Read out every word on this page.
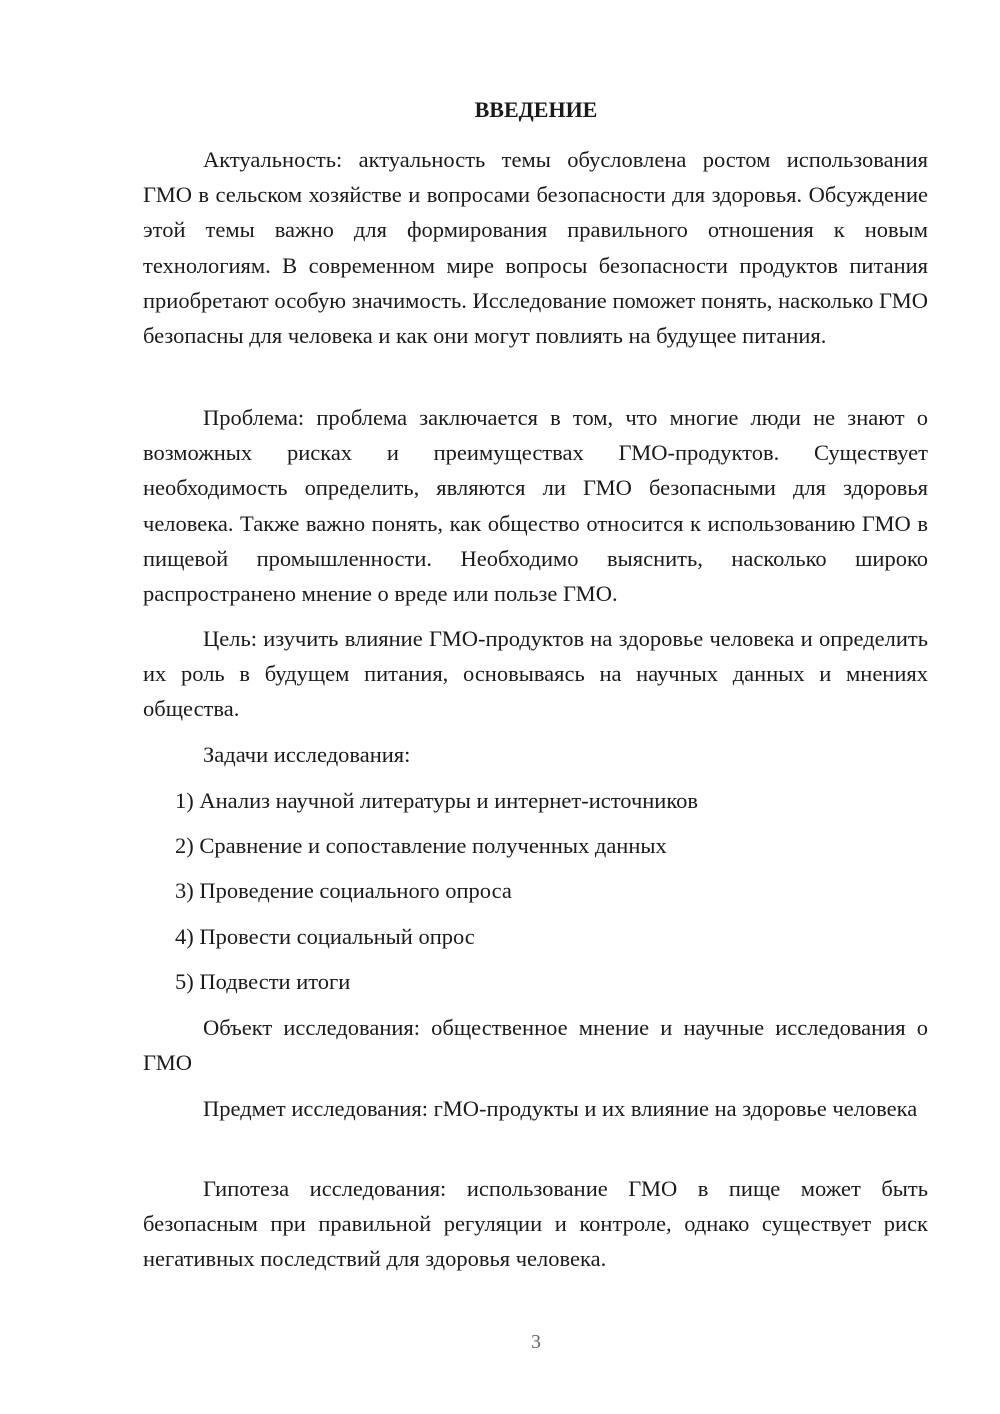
ВВЕДЕНИЕ

Актуальность: актуальность темы обусловлена ростом использования ГМО в сельском хозяйстве и вопросами безопасности для здоровья. Обсуждение этой темы важно для формирования правильного отношения к новым технологиям. В современном мире вопросы безопасности продуктов питания приобретают особую значимость. Исследование поможет понять, насколько ГМО безопасны для человека и как они могут повлиять на будущее питания.

Проблема: проблема заключается в том, что многие люди не знают о возможных рисках и преимуществах ГМО-продуктов. Существует необходимость определить, являются ли ГМО безопасными для здоровья человека. Также важно понять, как общество относится к использованию ГМО в пищевой промышленности. Необходимо выяснить, насколько широко распространено мнение о вреде или пользе ГМО.

Цель: изучить влияние ГМО-продуктов на здоровье человека и определить их роль в будущем питания, основываясь на научных данных и мнениях общества.

Задачи исследования:

1) Анализ научной литературы и интернет-источников

2) Сравнение и сопоставление полученных данных

3) Проведение социального опроса

4) Провести социальный опрос

5) Подвести итоги

Объект исследования: общественное мнение и научные исследования о ГМО

Предмет исследования: гМО-продукты и их влияние на здоровье человека

Гипотеза исследования: использование ГМО в пище может быть безопасным при правильной регуляции и контроле, однако существует риск негативных последствий для здоровья человека.

3
